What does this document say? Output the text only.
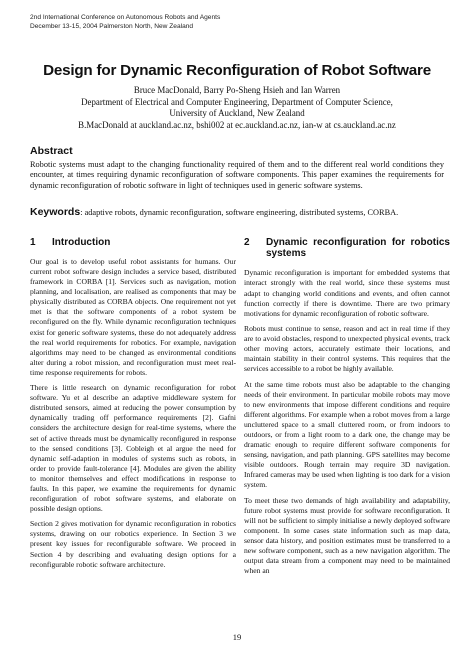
2nd International Conference on Autonomous Robots and Agents
December 13-15, 2004 Palmerston North, New Zealand
Design for Dynamic Reconfiguration of Robot Software
Bruce MacDonald, Barry Po-Sheng Hsieh and Ian Warren
Department of Electrical and Computer Engineering, Department of Computer Science,
University of Auckland, New Zealand
B.MacDonald at auckland.ac.nz, bshi002 at ec.auckland.ac.nz, ian-w at cs.auckland.ac.nz
Abstract
Robotic systems must adapt to the changing functionality required of them and to the different real world conditions they encounter, at times requiring dynamic reconfiguration of software components. This paper examines the requirements for dynamic reconfiguration of robotic software in light of techniques used in generic software systems.
Keywords: adaptive robots, dynamic reconfiguration, software engineering, distributed systems, CORBA.
1	Introduction

Our goal is to develop useful robot assistants for humans. Our current robot software design includes a service based, distributed framework in CORBA [1]. Services such as navigation, motion planning, and localisation, are realised as components that may be physically distributed as CORBA objects. One requirement not yet met is that the software components of a robot system be reconfigured on the fly. While dynamic reconfiguration techniques exist for generic software systems, these do not adequately address the real world requirements for robotics. For example, navigation algorithms may need to be changed as environmental conditions alter during a robot mission, and reconfiguration must meet real-time response requirements for robots.

There is little research on dynamic reconfiguration for robot software. Yu et al describe an adaptive middleware system for distributed sensors, aimed at reducing the power consumption by dynamically trading off performance requirements [2]. Gafni considers the architecture design for real-time systems, where the set of active threads must be dynamically reconfigured in response to the sensed conditions [3]. Cobleigh et al argue the need for dynamic self-adaption in modules of systems such as robots, in order to provide fault-tolerance [4]. Modules are given the ability to monitor themselves and effect modifications in response to faults. In this paper, we examine the requirements for dynamic reconfiguration of robot software systems, and elaborate on possible design options.

Section 2 gives motivation for dynamic reconfiguration in robotics systems, drawing on our robotics experience. In Section 3 we present key issues for reconfigurable software. We proceed in Section 4 by describing and evaluating design options for a reconfigurable robotic software architecture.

2	Dynamic reconfiguration for robotics systems

Dynamic reconfiguration is important for embedded systems that interact strongly with the real world, since these systems must adapt to changing world conditions and events, and often cannot function correctly if there is downtime. There are two primary motivations for dynamic reconfiguration of robotic software.

Robots must continue to sense, reason and act in real time if they are to avoid obstacles, respond to unexpected physical events, track other moving actors, accurately estimate their locations, and maintain stability in their control systems. This requires that the services accessible to a robot be highly available.

At the same time robots must also be adaptable to the changing needs of their environment. In particular mobile robots may move to new environments that impose different conditions and require different algorithms. For example when a robot moves from a large uncluttered space to a small cluttered room, or from indoors to outdoors, or from a light room to a dark one, the change may be dramatic enough to require different software components for sensing, navigation, and path planning. GPS satellites may become visible outdoors. Rough terrain may require 3D navigation. Infrared cameras may be used when lighting is too dark for a vision system.

To meet these two demands of high availability and adaptability, future robot systems must provide for software reconfiguration. It will not be sufficient to simply initialise a newly deployed software component. In some cases state information such as map data, sensor data history, and position estimates must be transferred to a new software component, such as a new navigation algorithm. The output data stream from a component may need to be maintained when an

19
